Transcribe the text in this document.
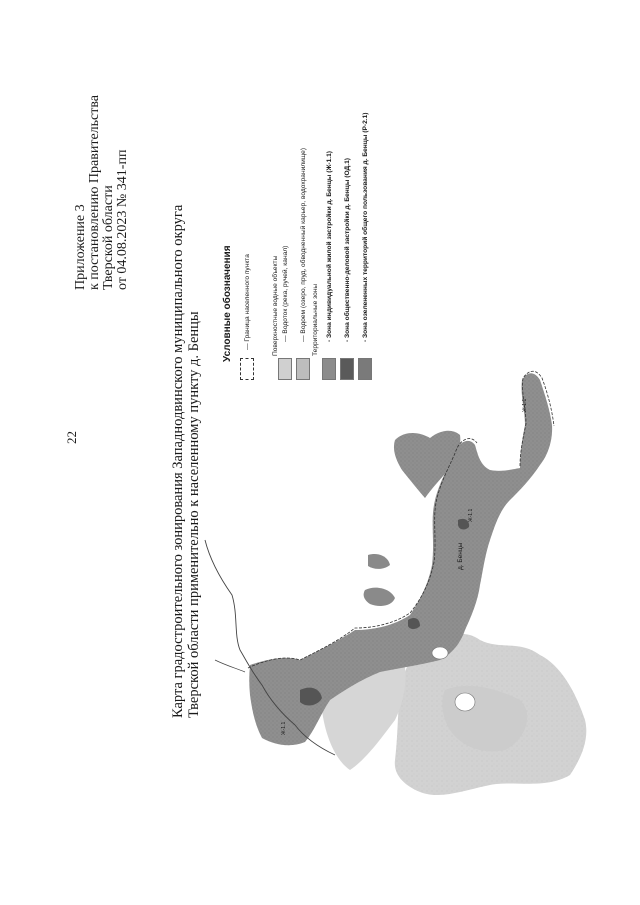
22
Приложение 3 к постановлению Правительства Тверской области от 04.08.2023 № 341-пп	Карта градостроительного зонирования Западнодвинского муниципального округа Тверской области применительно к населенному пункту д. Бенцы	д. Бенцы
Ж-1.1
Ж-1.1
Ж-1.1
Условные обозначения — Граница населенного пункта	Поверхностные водные объекты — Водоток (река, ручей, канал) — Водоем (озеро, пруд, обводненный карьер, водохранилище) Территориальные зоны - Зона индивидуальной жилой застройки д. Бенцы (Ж-1.1) - Зона общественно-деловой застройки д. Бенцы (ОД.1) - Зона озелененных территорий общего пользования д. Бенцы (Р-2.1)
